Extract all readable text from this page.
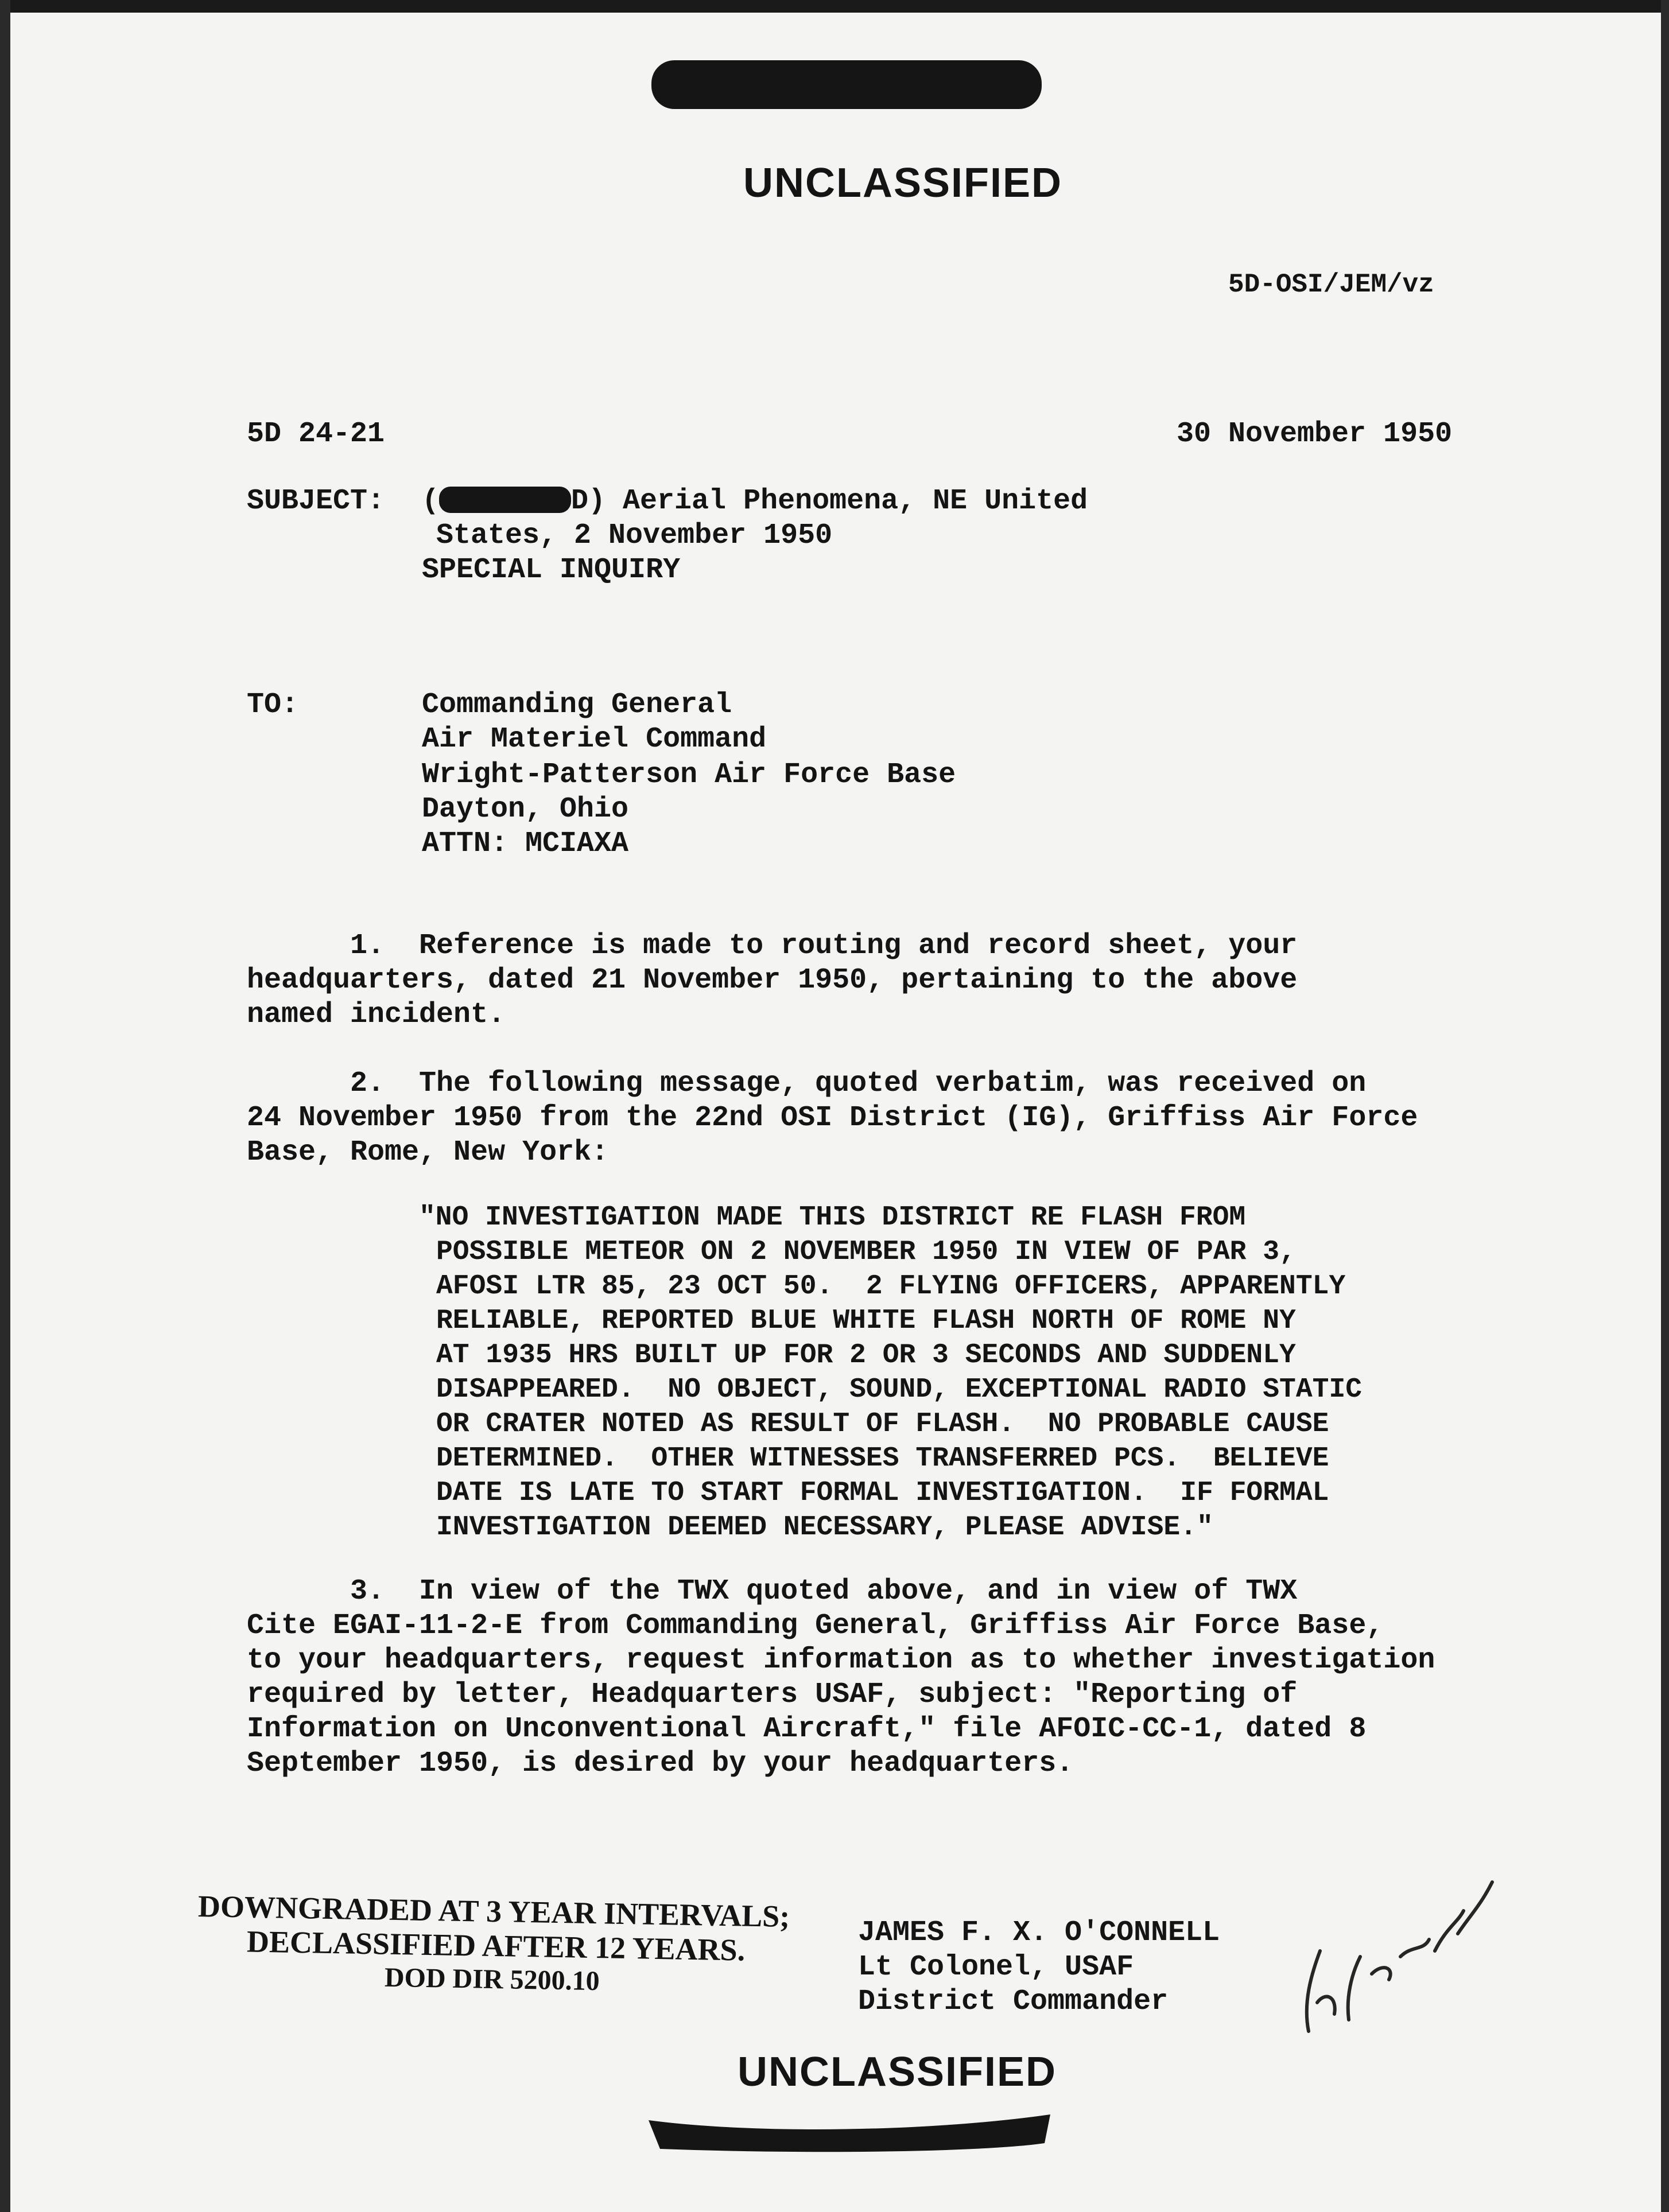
UNCLASSIFIED
5D-OSI/JEM/vz
5D 24-21	30 November 1950
SUBJECT: (	D) Aerial Phenomena, NE United
States, 2 November 1950
SPECIAL INQUIRY
TO:	Commanding General
Air Materiel Command
Wright-Patterson Air Force Base
Dayton, Ohio
ATTN: MCIAXA
1.  Reference is made to routing and record sheet, your
headquarters, dated 21 November 1950, pertaining to the above
named incident.
2.  The following message, quoted verbatim, was received on
24 November 1950 from the 22nd OSI District (IG), Griffiss Air Force
Base, Rome, New York:
"NO INVESTIGATION MADE THIS DISTRICT RE FLASH FROM
POSSIBLE METEOR ON 2 NOVEMBER 1950 IN VIEW OF PAR 3,
AFOSI LTR 85, 23 OCT 50.  2 FLYING OFFICERS, APPARENTLY
RELIABLE, REPORTED BLUE WHITE FLASH NORTH OF ROME NY
AT 1935 HRS BUILT UP FOR 2 OR 3 SECONDS AND SUDDENLY
DISAPPEARED.  NO OBJECT, SOUND, EXCEPTIONAL RADIO STATIC
OR CRATER NOTED AS RESULT OF FLASH.  NO PROBABLE CAUSE
DETERMINED.  OTHER WITNESSES TRANSFERRED PCS.  BELIEVE
DATE IS LATE TO START FORMAL INVESTIGATION.  IF FORMAL
INVESTIGATION DEEMED NECESSARY, PLEASE ADVISE."
3.  In view of the TWX quoted above, and in view of TWX
Cite EGAI-11-2-E from Commanding General, Griffiss Air Force Base,
to your headquarters, request information as to whether investigation
required by letter, Headquarters USAF, subject: "Reporting of
Information on Unconventional Aircraft," file AFOIC-CC-1, dated 8
September 1950, is desired by your headquarters.
DOWNGRADED AT 3 YEAR INTERVALS;
DECLASSIFIED AFTER 12 YEARS.
DOD DIR 5200.10
JAMES F. X. O'CONNELL
Lt Colonel, USAF
District Commander
UNCLASSIFIED
